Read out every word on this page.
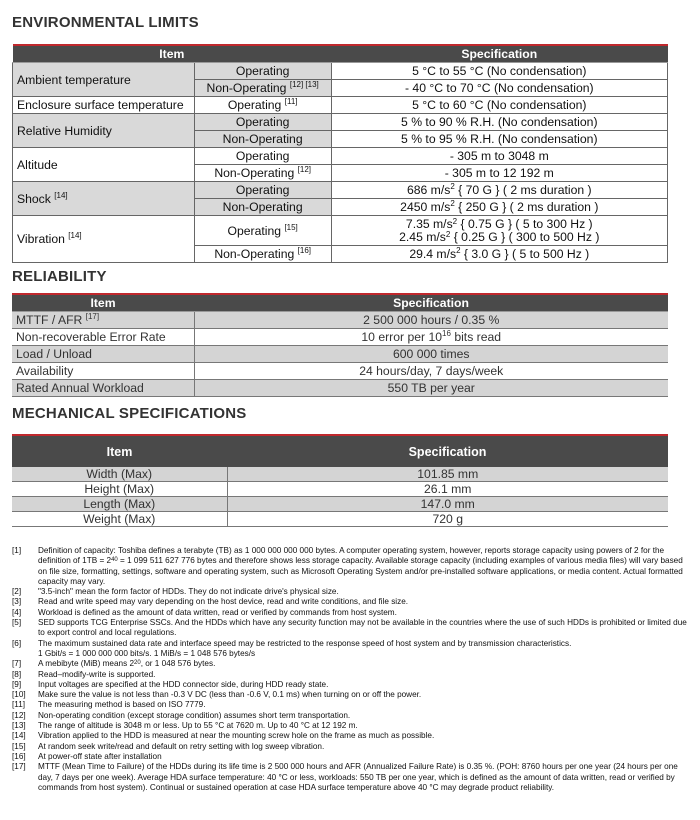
ENVIRONMENTAL LIMITS
Item		Specification
Ambient temperature	Operating	5 °C to 55 °C (No condensation)
	Non-Operating [12] [13]	- 40 °C to 70 °C (No condensation)
Enclosure surface temperature	Operating [11]	5 °C to 60 °C (No condensation)
Relative Humidity	Operating	5 % to 90 % R.H. (No condensation)
	Non-Operating	5 % to 95 % R.H. (No condensation)
Altitude	Operating	- 305 m to 3048 m
	Non-Operating [12]	- 305 m to 12 192 m
Shock [14]	Operating	686 $m/s^2$ { 70 G } ( 2 ms duration )
	Non-Operating	2450 $m/s^2$ { 250 G } ( 2 ms duration )
Vibration [14]	Operating [15]	7.35 $m/s^2$ { 0.75 G } ( 5 to 300 Hz )
2.45 $m/s^2$ { 0.25 G } ( 300 to 500 Hz )
	Non-Operating [16]	29.4 $m/s^2$ { 3.0 G } ( 5 to 500 Hz )
RELIABILITY
Item	Specification
MTTF / AFR [17]	2 500 000 hours / 0.35 %
Non-recoverable Error Rate	10 error per $10^{16}$ bits read
Load / Unload	600 000 times
Availability	24 hours/day, 7 days/week
Rated Annual Workload	550 TB per year
MECHANICAL SPECIFICATIONS
Item	Specification
Width (Max)	101.85 mm
Height (Max)	26.1 mm
Length (Max)	147.0 mm
Weight (Max)	720 g
[1]	Definition of capacity: Toshiba defines a terabyte (TB) as 1 000 000 000 000 bytes. A computer operating system, however, reports storage capacity using powers of 2 for the definition of $1TB = 2^{40} = 1$ 099 511 627 776 bytes and therefore shows less storage capacity. Available storage capacity (including examples of various media files) will vary based on file size, formatting, settings, software and operating system, such as Microsoft Operating System and/or pre-installed software applications, or media content. Actual formatted capacity may vary.
[2]	"3.5-inch" mean the form factor of HDDs. They do not indicate drive's physical size.
[3]	Read and write speed may vary depending on the host device, read and write conditions, and file size.
[4]	Workload is defined as the amount of data written, read or verified by commands from host system.
[5]	SED supports TCG Enterprise SSCs. And the HDDs which have any security function may not be available in the countries where the use of such HDDs is prohibited or limited due to export control and local regulations.
[6]	The maximum sustained data rate and interface speed may be restricted to the response speed of host system and by transmission characteristics.
1 Gbit/s = 1 000 000 000 bits/s. 1 MiB/s = 1 048 576 bytes/s
[7]	A mebibyte (MiB) means $2^{20}$, or 1 048 576 bytes.
[8]	Read–modify-write is supported.
[9]	Input voltages are specified at the HDD connector side, during HDD ready state.
[10]	Make sure the value is not less than -0.3 V DC (less than -0.6 V, 0.1 ms) when turning on or off the power.
[11]	The measuring method is based on ISO 7779.
[12]	Non-operating condition (except storage condition) assumes short term transportation.
[13]	The range of altitude is 3048 m or less. Up to 55 °C at 7620 m. Up to 40 °C at 12 192 m.
[14]	Vibration applied to the HDD is measured at near the mounting screw hole on the frame as much as possible.
[15]	At random seek write/read and default on retry setting with log sweep vibration.
[16]	At power-off state after installation
[17]	MTTF (Mean Time to Failure) of the HDDs during its life time is 2 500 000 hours and AFR (Annualized Failure Rate) is 0.35 %. (POH: 8760 hours per one year (24 hours per one day, 7 days per one week). Average HDA surface temperature: 40 °C or less, workloads: 550 TB per one year, which is defined as the amount of data written, read or verified by commands from host system). Continual or sustained operation at case HDA surface temperature above 40 °C may degrade product reliability.
